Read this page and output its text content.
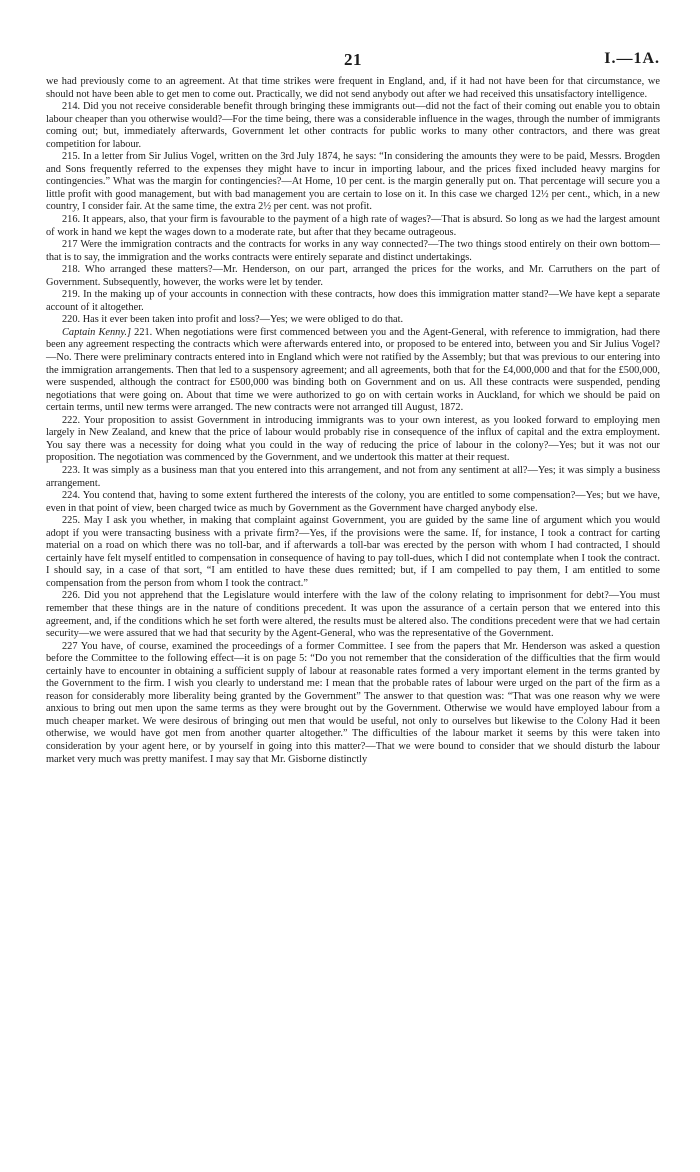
21	I.—1A.

we had previously come to an agreement. At that time strikes were frequent in England, and, if it had not have been for that circumstance, we should not have been able to get men to come out. Practically, we did not send anybody out after we had received this unsatisfactory intelligence.

214. Did you not receive considerable benefit through bringing these immigrants out—did not the fact of their coming out enable you to obtain labour cheaper than you otherwise would?—For the time being, there was a considerable influence in the wages, through the number of immigrants coming out; but, immediately afterwards, Government let other contracts for public works to many other contractors, and there was great competition for labour.

215. In a letter from Sir Julius Vogel, written on the 3rd July 1874, he says: “In considering the amounts they were to be paid, Messrs. Brogden and Sons frequently referred to the expenses they might have to incur in importing labour, and the prices fixed included heavy margins for contingencies.” What was the margin for contingencies?—At Home, 10 per cent. is the margin generally put on. That percentage will secure you a little profit with good management, but with bad management you are certain to lose on it. In this case we charged 12½ per cent., which, in a new country, I consider fair. At the same time, the extra 2½ per cent. was not profit.

216. It appears, also, that your firm is favourable to the payment of a high rate of wages?—That is absurd. So long as we had the largest amount of work in hand we kept the wages down to a moderate rate, but after that they became outrageous.

217 Were the immigration contracts and the contracts for works in any way connected?—The two things stood entirely on their own bottom—that is to say, the immigration and the works contracts were entirely separate and distinct undertakings.

218. Who arranged these matters?—Mr. Henderson, on our part, arranged the prices for the works, and Mr. Carruthers on the part of Government. Subsequently, however, the works were let by tender.

219. In the making up of your accounts in connection with these contracts, how does this immigration matter stand?—We have kept a separate account of it altogether.

220. Has it ever been taken into profit and loss?—Yes; we were obliged to do that.

Captain Kenny.] 221. When negotiations were first commenced between you and the Agent-General, with reference to immigration, had there been any agreement respecting the contracts which were afterwards entered into, or proposed to be entered into, between you and Sir Julius Vogel?—No. There were preliminary contracts entered into in England which were not ratified by the Assembly; but that was previous to our entering into the immigration arrangements. Then that led to a suspensory agreement; and all agreements, both that for the £4,000,000 and that for the £500,000, were suspended, although the contract for £500,000 was binding both on Government and on us. All these contracts were suspended, pending negotiations that were going on. About that time we were authorized to go on with certain works in Auckland, for which we should be paid on certain terms, until new terms were arranged. The new contracts were not arranged till August, 1872.

222. Your proposition to assist Government in introducing immigrants was to your own interest, as you looked forward to employing men largely in New Zealand, and knew that the price of labour would probably rise in consequence of the influx of capital and the extra employment. You say there was a necessity for doing what you could in the way of reducing the price of labour in the colony?—Yes; but it was not our proposition. The negotiation was commenced by the Government, and we undertook this matter at their request.

223. It was simply as a business man that you entered into this arrangement, and not from any sentiment at all?—Yes; it was simply a business arrangement.

224. You contend that, having to some extent furthered the interests of the colony, you are entitled to some compensation?—Yes; but we have, even in that point of view, been charged twice as much by Government as the Government have charged anybody else.

225. May I ask you whether, in making that complaint against Government, you are guided by the same line of argument which you would adopt if you were transacting business with a private firm?—Yes, if the provisions were the same. If, for instance, I took a contract for carting material on a road on which there was no toll-bar, and if afterwards a toll-bar was erected by the person with whom I had contracted, I should certainly have felt myself entitled to compensation in consequence of having to pay toll-dues, which I did not contemplate when I took the contract. I should say, in a case of that sort, “I am entitled to have these dues remitted; but, if I am compelled to pay them, I am entitled to some compensation from the person from whom I took the contract.”

226. Did you not apprehend that the Legislature would interfere with the law of the colony relating to imprisonment for debt?—You must remember that these things are in the nature of conditions precedent. It was upon the assurance of a certain person that we entered into this agreement, and, if the conditions which he set forth were altered, the results must be altered also. The conditions precedent were that we had certain security—we were assured that we had that security by the Agent-General, who was the representative of the Government.

227 You have, of course, examined the proceedings of a former Committee. I see from the papers that Mr. Henderson was asked a question before the Committee to the following effect—it is on page 5: “Do you not remember that the consideration of the difficulties that the firm would certainly have to encounter in obtaining a sufficient supply of labour at reasonable rates formed a very important element in the terms granted by the Government to the firm. I wish you clearly to understand me: I mean that the probable rates of labour were urged on the part of the firm as a reason for considerably more liberality being granted by the Government” The answer to that question was: “That was one reason why we were anxious to bring out men upon the same terms as they were brought out by the Government. Otherwise we would have employed labour from a much cheaper market. We were desirous of bringing out men that would be useful, not only to ourselves but likewise to the Colony Had it been otherwise, we would have got men from another quarter altogether.” The difficulties of the labour market it seems by this were taken into consideration by your agent here, or by yourself in going into this matter?—That we were bound to consider that we should disturb the labour market very much was pretty manifest. I may say that Mr. Gisborne distinctly
